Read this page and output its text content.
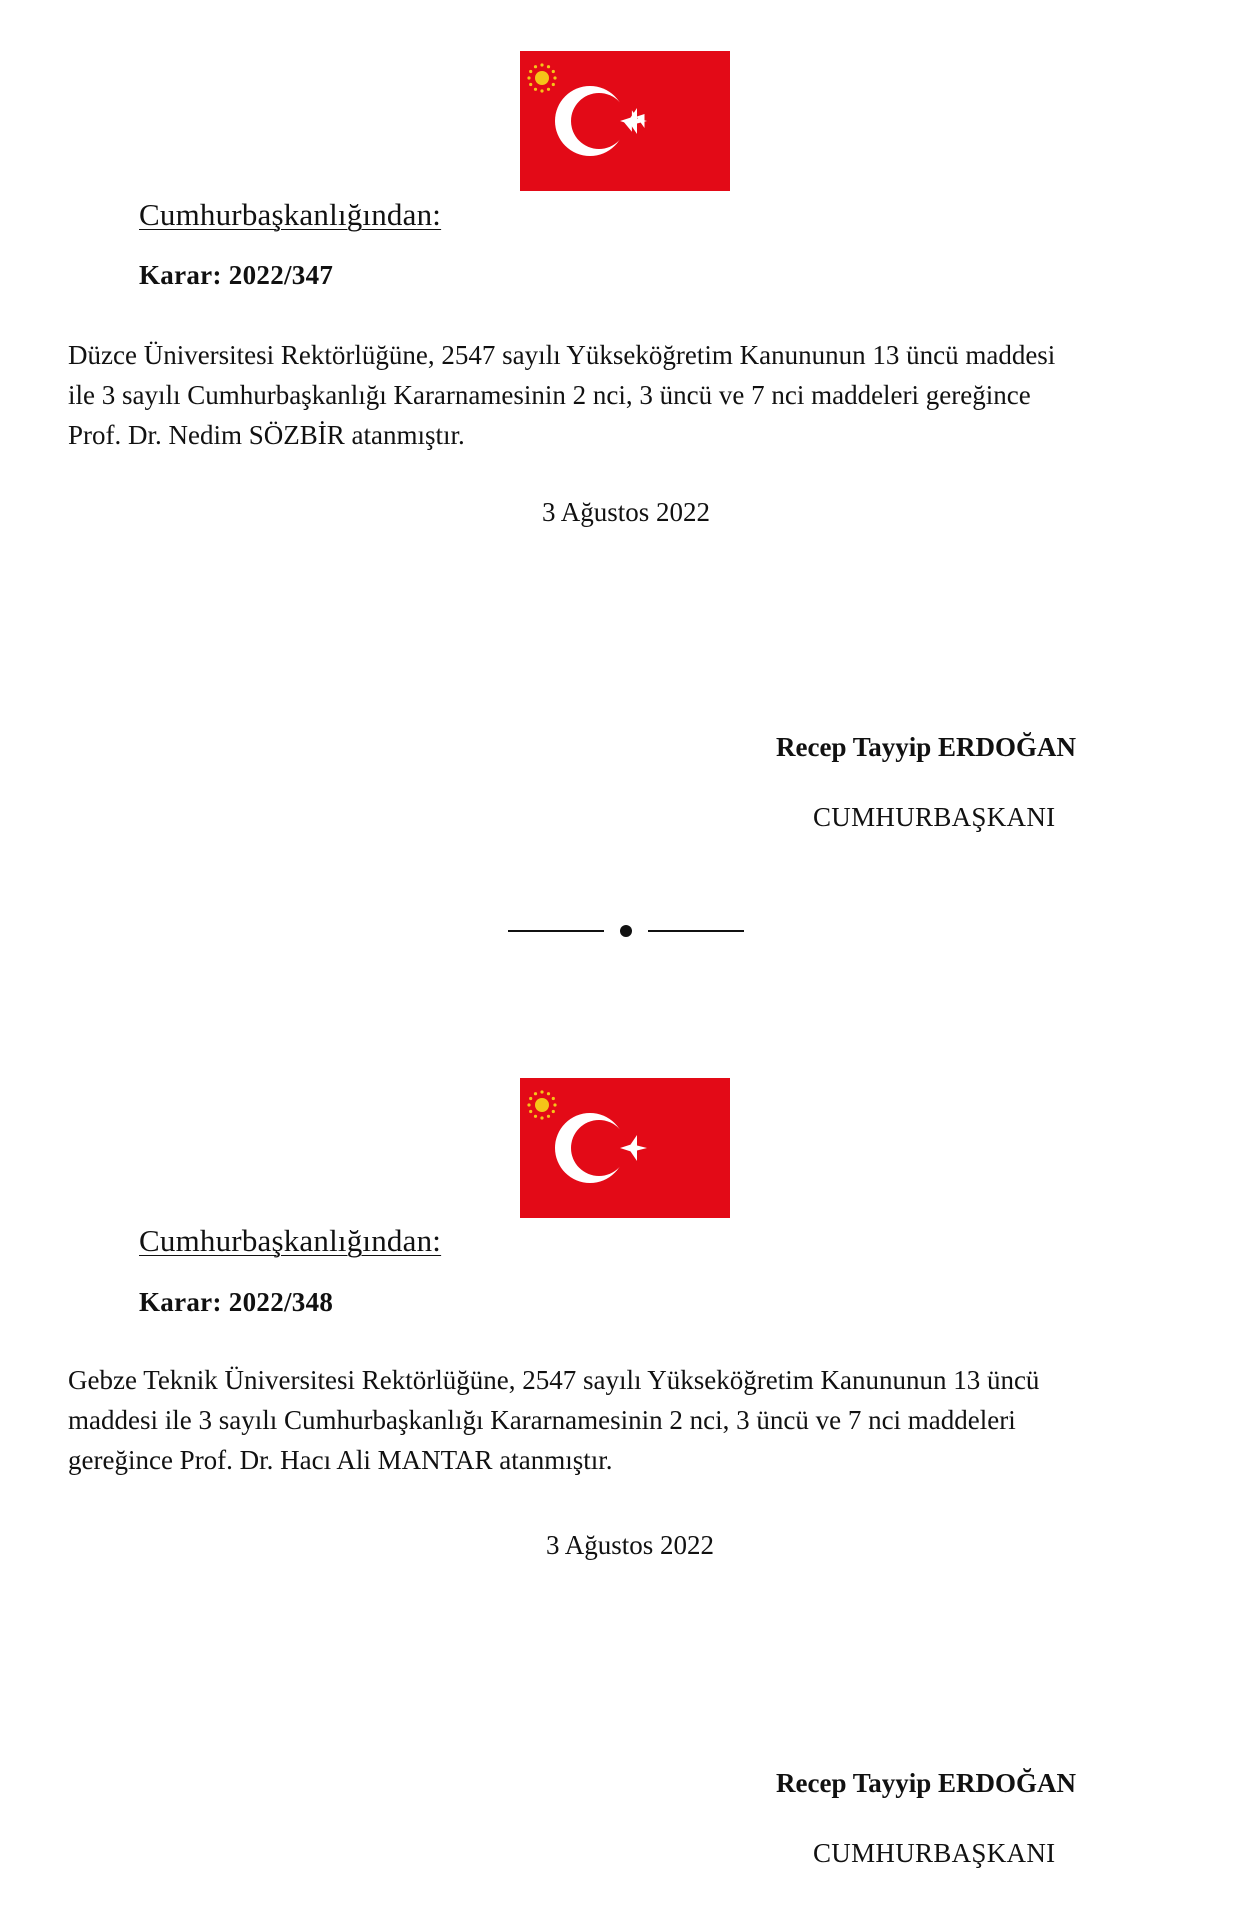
Cumhurbaşkanlığından:
Karar: 2022/347
Düzce Üniversitesi Rektörlüğüne, 2547 sayılı Yükseköğretim Kanununun 13 üncü maddesi
ile 3 sayılı Cumhurbaşkanlığı Kararnamesinin 2 nci, 3 üncü ve 7 nci maddeleri gereğince
Prof. Dr. Nedim SÖZBİR atanmıştır.
3 Ağustos 2022
Recep Tayyip ERDOĞAN
CUMHURBAŞKANI
Cumhurbaşkanlığından:
Karar: 2022/348
Gebze Teknik Üniversitesi Rektörlüğüne, 2547 sayılı Yükseköğretim Kanununun 13 üncü
maddesi ile 3 sayılı Cumhurbaşkanlığı Kararnamesinin 2 nci, 3 üncü ve 7 nci maddeleri
gereğince Prof. Dr. Hacı Ali MANTAR atanmıştır.
3 Ağustos 2022
Recep Tayyip ERDOĞAN
CUMHURBAŞKANI
